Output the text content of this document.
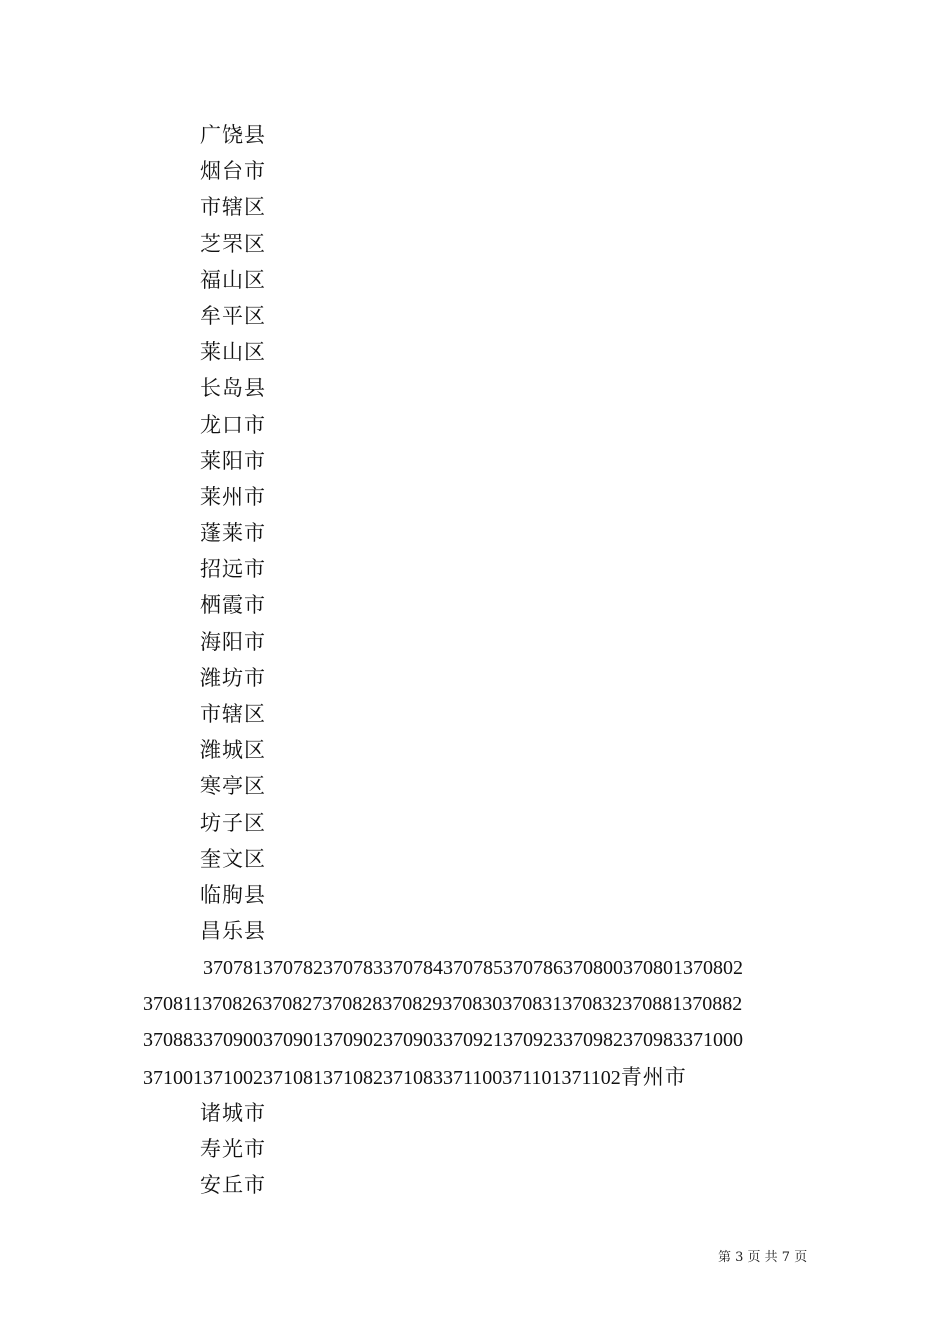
广饶县
烟台市
市辖区
芝罘区
福山区
牟平区
莱山区
长岛县
龙口市
莱阳市
莱州市
蓬莱市
招远市
栖霞市
海阳市
潍坊市
市辖区
潍城区
寒亭区
坊子区
奎文区
临朐县
昌乐县

370781370782370783370784370785370786370800370801370802
370811370826370827370828370829370830370831370832370881370882
370883370900370901370902370903370921370923370982370983371000
371001371002371081371082371083371100371101371102青州市

诸城市
寿光市
安丘市
第 3 页 共 7 页
